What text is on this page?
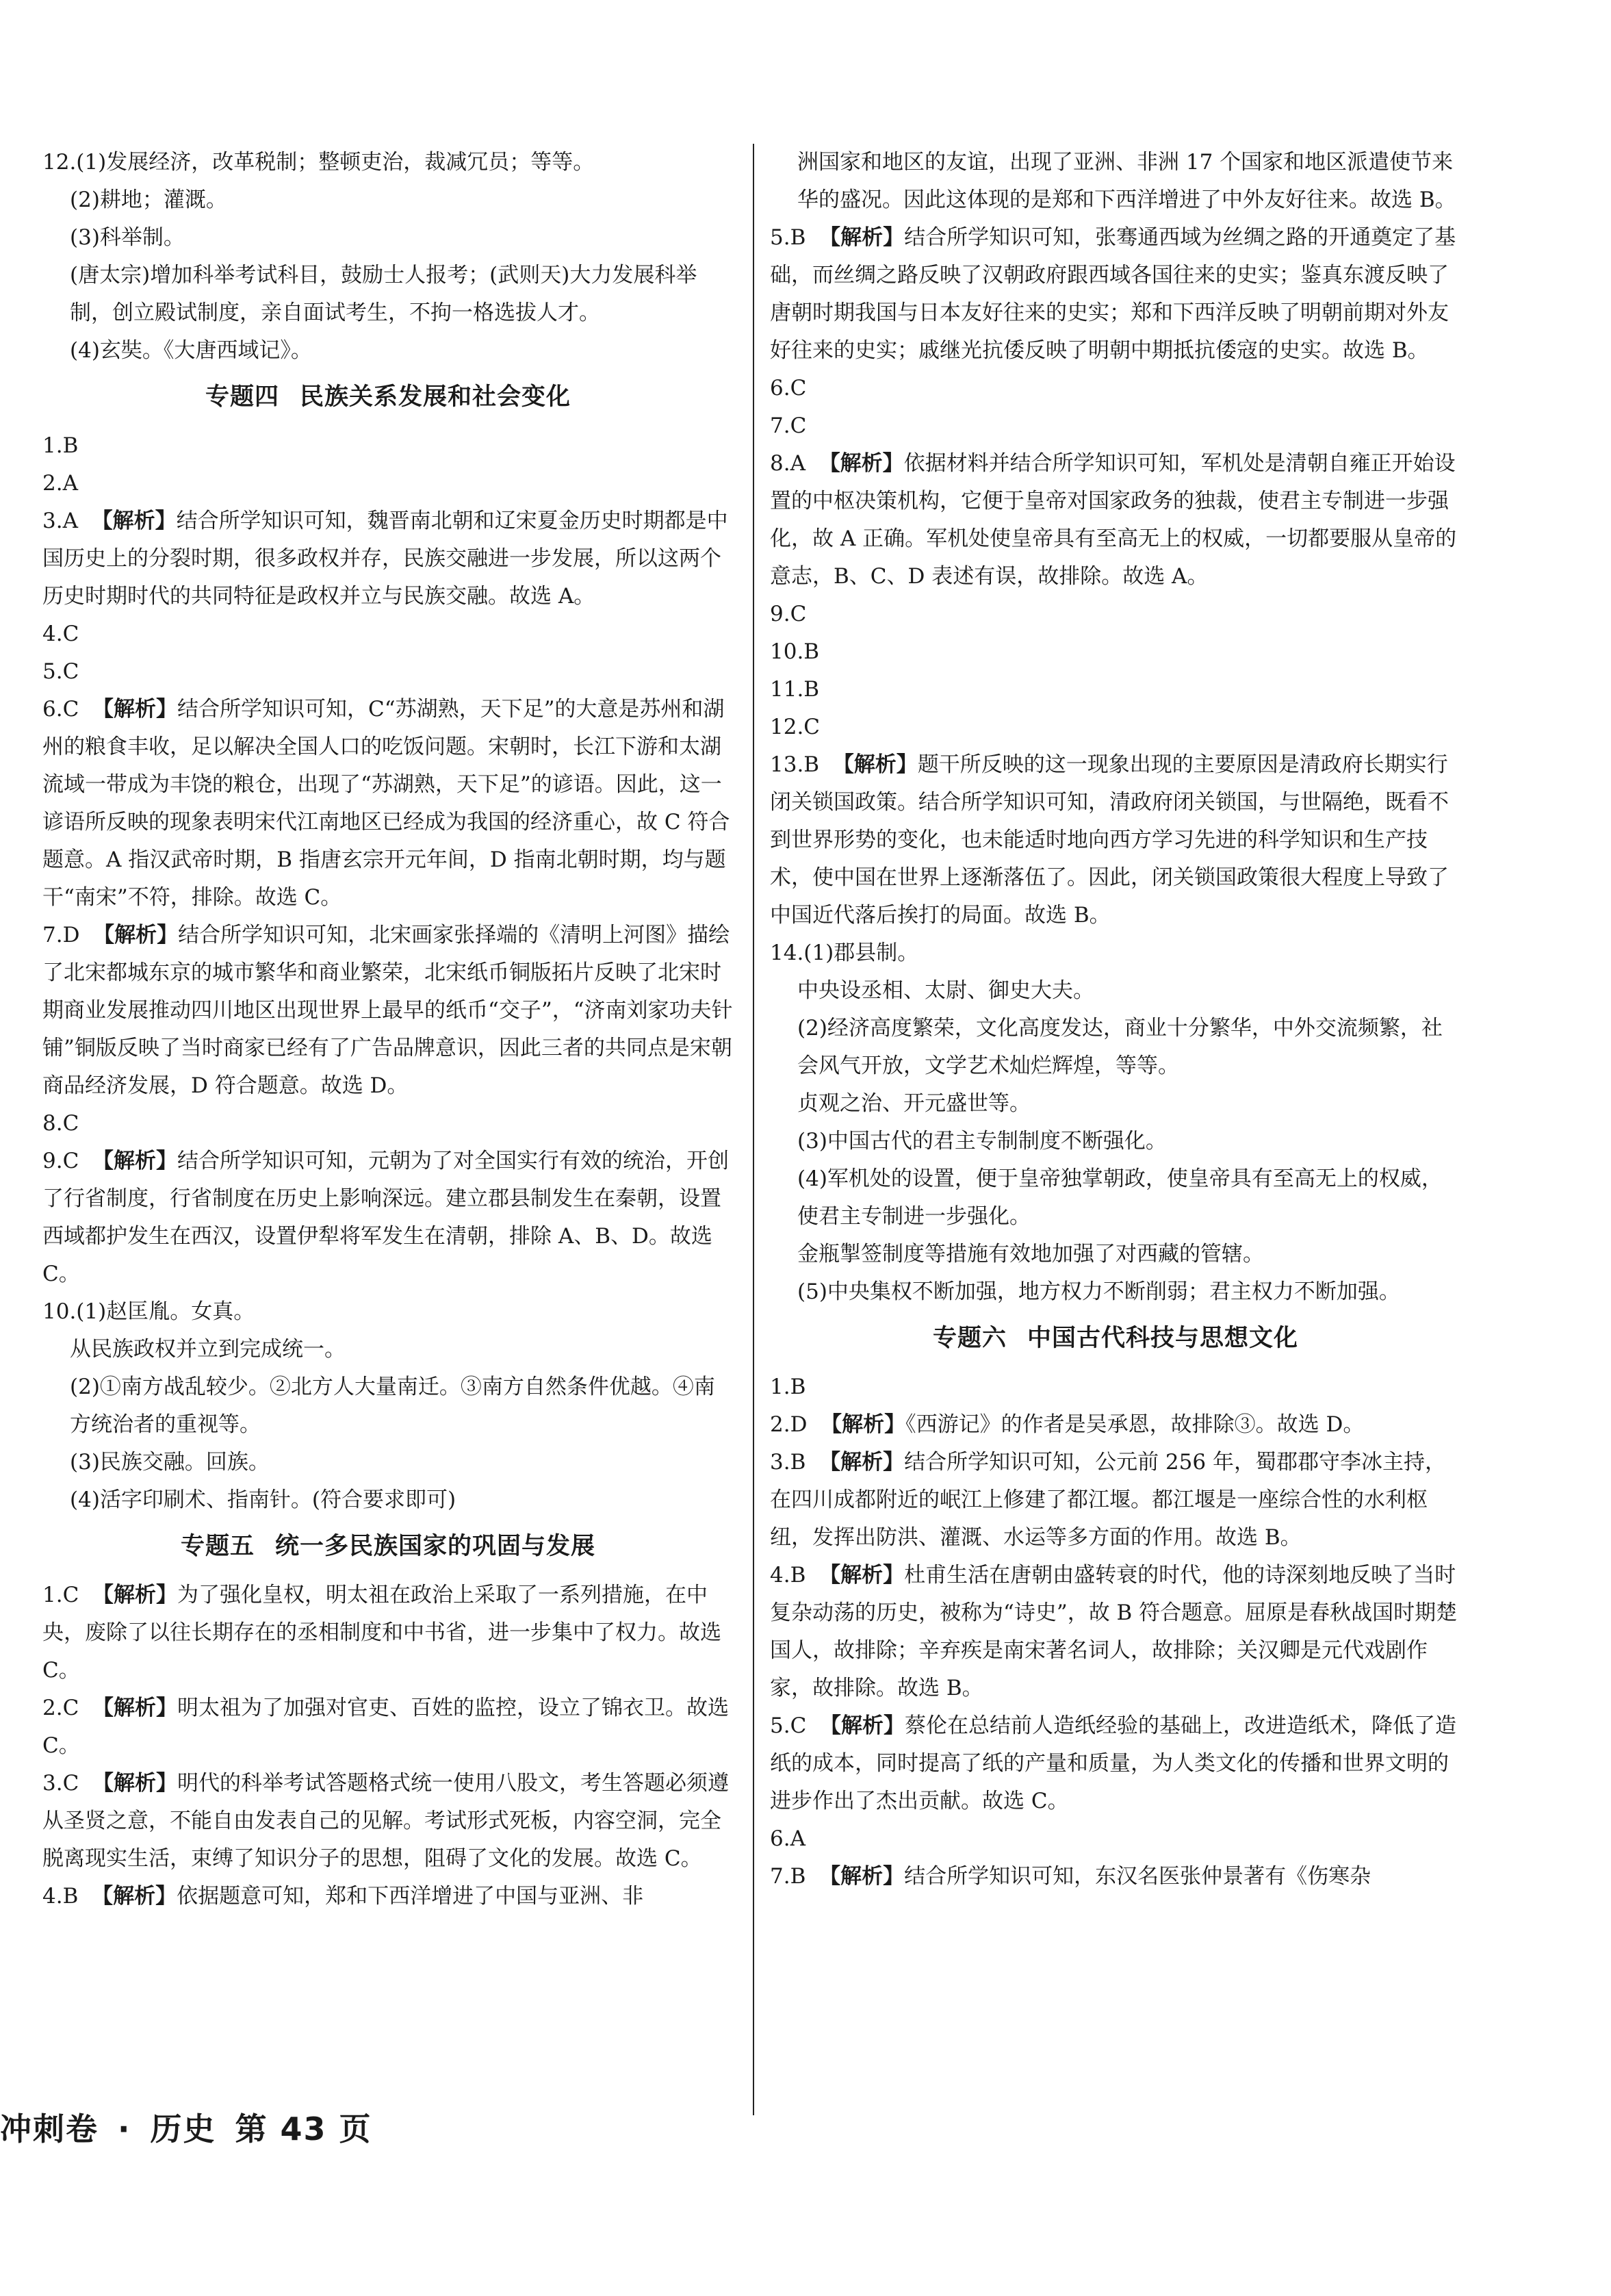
12.(1)发展经济，改革税制；整顿吏治，裁减冗员；等等。

(2)耕地；灌溉。

(3)科举制。

(唐太宗)增加科举考试科目，鼓励士人报考；(武则天)大力发展科举制，创立殿试制度，亲自面试考生，不拘一格选拔人才。

(4)玄奘。《大唐西域记》。

专题四 民族关系发展和社会变化

1.B

2.A

3.A 【解析】结合所学知识可知，魏晋南北朝和辽宋夏金历史时期都是中国历史上的分裂时期，很多政权并存，民族交融进一步发展，所以这两个历史时期时代的共同特征是政权并立与民族交融。故选 A。

4.C

5.C

6.C 【解析】结合所学知识可知，C“苏湖熟，天下足”的大意是苏州和湖州的粮食丰收，足以解决全国人口的吃饭问题。宋朝时，长江下游和太湖流域一带成为丰饶的粮仓，出现了“苏湖熟，天下足”的谚语。因此，这一谚语所反映的现象表明宋代江南地区已经成为我国的经济重心，故 C 符合题意。A 指汉武帝时期，B 指唐玄宗开元年间，D 指南北朝时期，均与题干“南宋”不符，排除。故选 C。

7.D 【解析】结合所学知识可知，北宋画家张择端的《清明上河图》描绘了北宋都城东京的城市繁华和商业繁荣，北宋纸币铜版拓片反映了北宋时期商业发展推动四川地区出现世界上最早的纸币“交子”，“济南刘家功夫针铺”铜版反映了当时商家已经有了广告品牌意识，因此三者的共同点是宋朝商品经济发展，D 符合题意。故选 D。

8.C

9.C 【解析】结合所学知识可知，元朝为了对全国实行有效的统治，开创了行省制度，行省制度在历史上影响深远。建立郡县制发生在秦朝，设置西域都护发生在西汉，设置伊犁将军发生在清朝，排除 A、B、D。故选 C。

10.(1)赵匡胤。女真。

从民族政权并立到完成统一。

(2)①南方战乱较少。②北方人大量南迁。③南方自然条件优越。④南方统治者的重视等。

(3)民族交融。回族。

(4)活字印刷术、指南针。(符合要求即可)

专题五 统一多民族国家的巩固与发展

1.C 【解析】为了强化皇权，明太祖在政治上采取了一系列措施，在中央，废除了以往长期存在的丞相制度和中书省，进一步集中了权力。故选 C。

2.C 【解析】明太祖为了加强对官吏、百姓的监控，设立了锦衣卫。故选 C。

3.C 【解析】明代的科举考试答题格式统一使用八股文，考生答题必须遵从圣贤之意，不能自由发表自己的见解。考试形式死板，内容空洞，完全脱离现实生活，束缚了知识分子的思想，阻碍了文化的发展。故选 C。

4.B 【解析】依据题意可知，郑和下西洋增进了中国与亚洲、非

洲国家和地区的友谊，出现了亚洲、非洲 17 个国家和地区派遣使节来华的盛况。因此这体现的是郑和下西洋增进了中外友好往来。故选 B。

5.B 【解析】结合所学知识可知，张骞通西域为丝绸之路的开通奠定了基础，而丝绸之路反映了汉朝政府跟西域各国往来的史实；鉴真东渡反映了唐朝时期我国与日本友好往来的史实；郑和下西洋反映了明朝前期对外友好往来的史实；戚继光抗倭反映了明朝中期抵抗倭寇的史实。故选 B。

6.C

7.C

8.A 【解析】依据材料并结合所学知识可知，军机处是清朝自雍正开始设置的中枢决策机构，它便于皇帝对国家政务的独裁，使君主专制进一步强化，故 A 正确。军机处使皇帝具有至高无上的权威，一切都要服从皇帝的意志，B、C、D 表述有误，故排除。故选 A。

9.C

10.B

11.B

12.C

13.B 【解析】题干所反映的这一现象出现的主要原因是清政府长期实行闭关锁国政策。结合所学知识可知，清政府闭关锁国，与世隔绝，既看不到世界形势的变化，也未能适时地向西方学习先进的科学知识和生产技术，使中国在世界上逐渐落伍了。因此，闭关锁国政策很大程度上导致了中国近代落后挨打的局面。故选 B。

14.(1)郡县制。

中央设丞相、太尉、御史大夫。

(2)经济高度繁荣，文化高度发达，商业十分繁华，中外交流频繁，社会风气开放，文学艺术灿烂辉煌，等等。

贞观之治、开元盛世等。

(3)中国古代的君主专制制度不断强化。

(4)军机处的设置，便于皇帝独掌朝政，使皇帝具有至高无上的权威，使君主专制进一步强化。

金瓶掣签制度等措施有效地加强了对西藏的管辖。

(5)中央集权不断加强，地方权力不断削弱；君主权力不断加强。

专题六 中国古代科技与思想文化

1.B

2.D 【解析】《西游记》的作者是吴承恩，故排除③。故选 D。

3.B 【解析】结合所学知识可知，公元前 256 年，蜀郡郡守李冰主持，在四川成都附近的岷江上修建了都江堰。都江堰是一座综合性的水利枢纽，发挥出防洪、灌溉、水运等多方面的作用。故选 B。

4.B 【解析】杜甫生活在唐朝由盛转衰的时代，他的诗深刻地反映了当时复杂动荡的历史，被称为“诗史”，故 B 符合题意。屈原是春秋战国时期楚国人，故排除；辛弃疾是南宋著名词人，故排除；关汉卿是元代戏剧作家，故排除。故选 B。

5.C 【解析】蔡伦在总结前人造纸经验的基础上，改进造纸术，降低了造纸的成本，同时提高了纸的产量和质量，为人类文化的传播和世界文明的进步作出了杰出贡献。故选 C。

6.A

7.B 【解析】结合所学知识可知，东汉名医张仲景著有《伤寒杂

冲刺卷 · 历史 第 43 页
